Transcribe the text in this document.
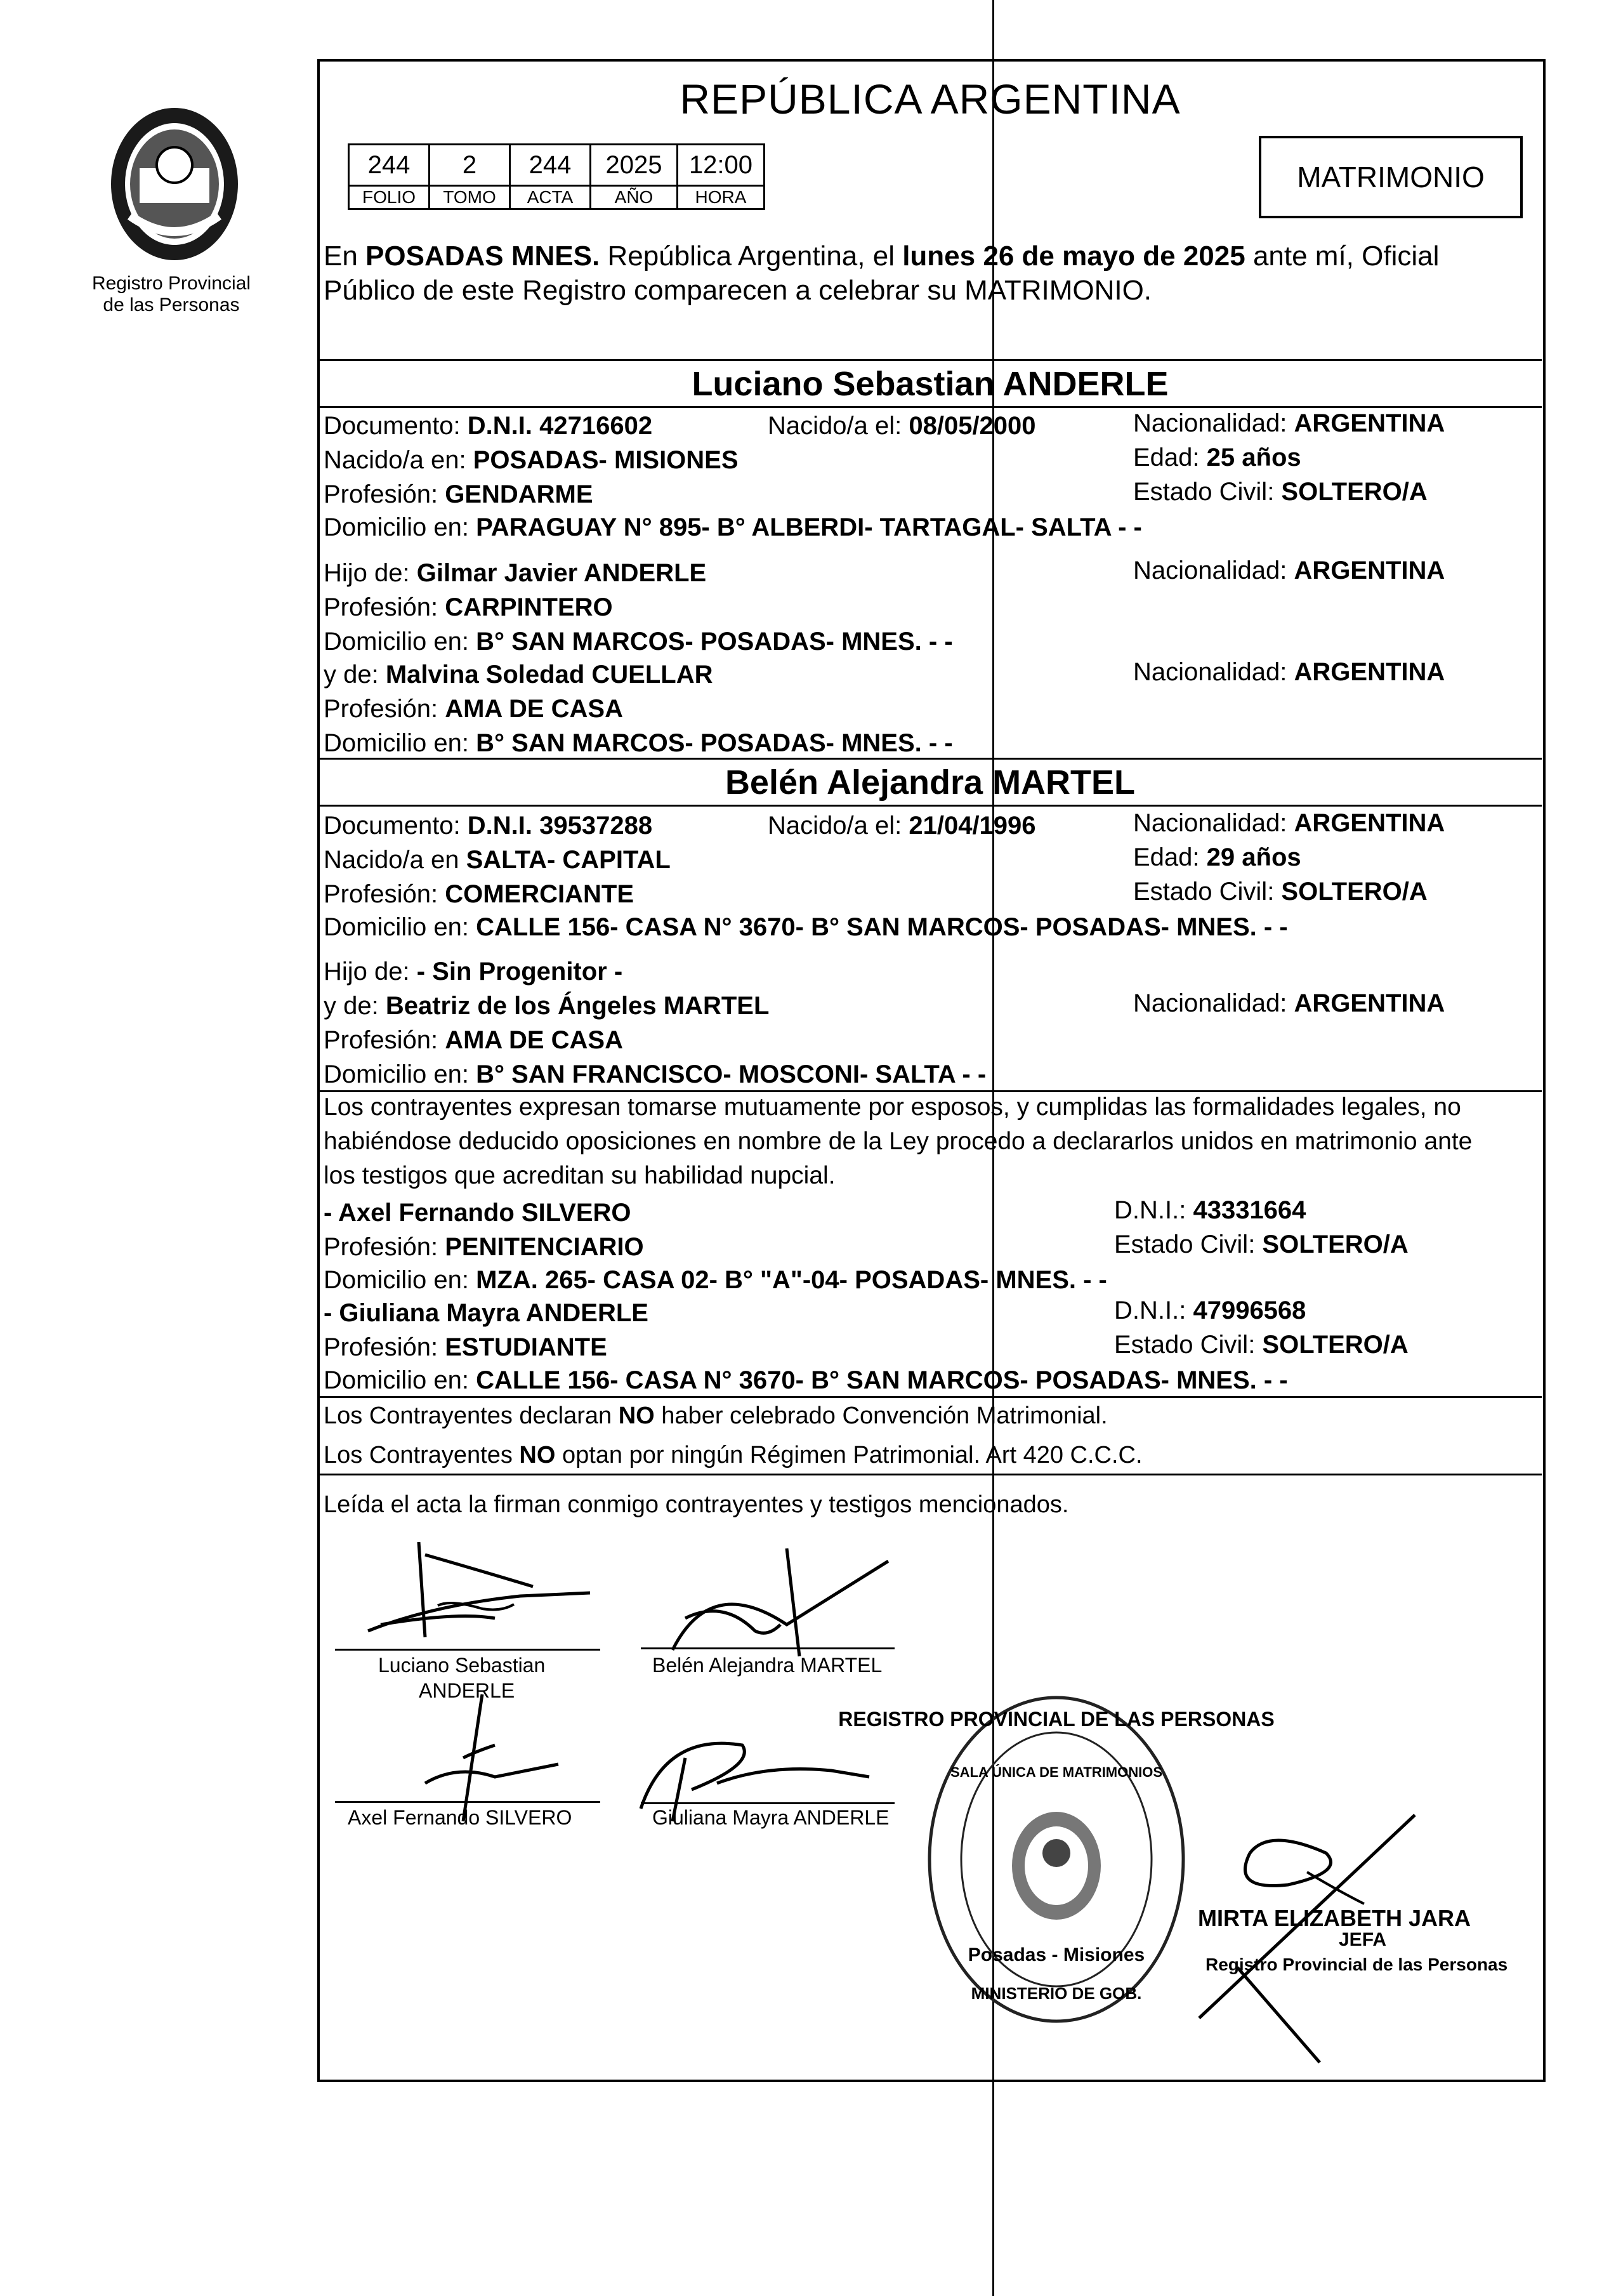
Registro Provincial
de las Personas
REPÚBLICA ARGENTINA
244	2	244	2025	12:00
FOLIO	TOMO	ACTA	AÑO	HORA
MATRIMONIO
En POSADAS MNES. República Argentina, el lunes 26 de mayo de 2025 ante mí, Oficial
Público de este Registro comparecen a celebrar su MATRIMONIO.
Luciano Sebastian ANDERLE
Documento: D.N.I. 42716602	Nacido/a el: 08/05/2000	Nacionalidad: ARGENTINA
Nacido/a en: POSADAS- MISIONES	Edad: 25 años
Profesión: GENDARME	Estado Civil: SOLTERO/A
Domicilio en: PARAGUAY N° 895- B° ALBERDI- TARTAGAL- SALTA - -
Hijo de: Gilmar Javier ANDERLE	Nacionalidad: ARGENTINA
Profesión: CARPINTERO
Domicilio en: B° SAN MARCOS- POSADAS- MNES. - -
y de: Malvina Soledad CUELLAR	Nacionalidad: ARGENTINA
Profesión: AMA DE CASA
Domicilio en: B° SAN MARCOS- POSADAS- MNES. - -
Belén Alejandra MARTEL
Documento: D.N.I. 39537288	Nacido/a el: 21/04/1996	Nacionalidad: ARGENTINA
Nacido/a en SALTA- CAPITAL	Edad: 29 años
Profesión: COMERCIANTE	Estado Civil: SOLTERO/A
Domicilio en: CALLE 156- CASA N° 3670- B° SAN MARCOS- POSADAS- MNES. - -
Hijo de: - Sin Progenitor -
y de: Beatriz de los Ángeles MARTEL	Nacionalidad: ARGENTINA
Profesión: AMA DE CASA
Domicilio en: B° SAN FRANCISCO- MOSCONI- SALTA - -
Los contrayentes expresan tomarse mutuamente por esposos, y cumplidas las formalidades legales, no
habiéndose deducido oposiciones en nombre de la Ley procedo a declararlos unidos en matrimonio ante
los testigos que acreditan su habilidad nupcial.
- Axel Fernando SILVERO	D.N.I.: 43331664
Profesión: PENITENCIARIO	Estado Civil: SOLTERO/A
Domicilio en: MZA. 265- CASA 02- B° "A"-04- POSADAS- MNES. - -
- Giuliana Mayra ANDERLE	D.N.I.: 47996568
Profesión: ESTUDIANTE	Estado Civil: SOLTERO/A
Domicilio en: CALLE 156- CASA N° 3670- B° SAN MARCOS- POSADAS- MNES. - -
Los Contrayentes declaran NO haber celebrado Convención Matrimonial.
Los Contrayentes NO optan por ningún Régimen Patrimonial. Art 420 C.C.C.
Leída el acta la firman conmigo contrayentes y testigos mencionados.
Luciano Sebastian
ANDERLE
Belén Alejandra MARTEL
Axel Fernando SILVERO	Giuliana Mayra ANDERLE
REGISTRO PROVINCIAL DE LAS PERSONAS
SALA ÚNICA DE MATRIMONIOS
Posadas - Misiones
MINISTERIO DE GOB.
MIRTA ELIZABETH JARA
JEFA
Registro Provincial de las Personas
